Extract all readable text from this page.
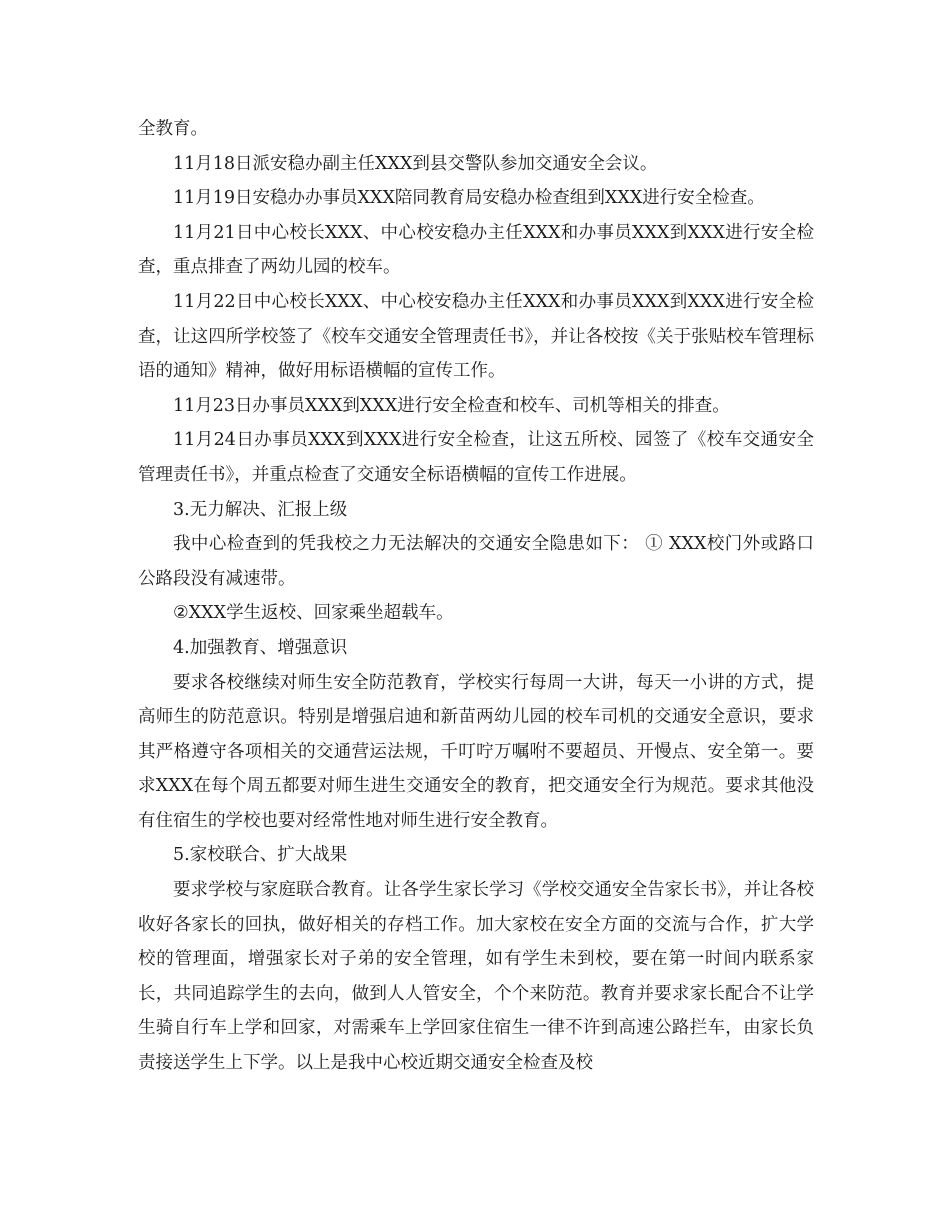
全教育。

11月18日派安稳办副主任XXX到县交警队参加交通安全会议。

11月19日安稳办办事员XXX陪同教育局安稳办检查组到XXX进行安全检查。

11月21日中心校长XXX、中心校安稳办主任XXX和办事员XXX到XXX进行安全检查，重点排查了两幼儿园的校车。

11月22日中心校长XXX、中心校安稳办主任XXX和办事员XXX到XXX进行安全检查，让这四所学校签了《校车交通安全管理责任书》，并让各校按《关于张贴校车管理标语的通知》精神，做好用标语横幅的宣传工作。

11月23日办事员XXX到XXX进行安全检查和校车、司机等相关的排查。

11月24日办事员XXX到XXX进行安全检查，让这五所校、园签了《校车交通安全管理责任书》，并重点检查了交通安全标语横幅的宣传工作进展。

3.无力解决、汇报上级

我中心检查到的凭我校之力无法解决的交通安全隐患如下： ① XXX校门外或路口公路段没有减速带。

②XXX学生返校、回家乘坐超载车。

4.加强教育、增强意识

要求各校继续对师生安全防范教育，学校实行每周一大讲，每天一小讲的方式，提高师生的防范意识。特别是增强启迪和新苗两幼儿园的校车司机的交通安全意识，要求其严格遵守各项相关的交通营运法规，千叮咛万嘱咐不要超员、开慢点、安全第一。要求XXX在每个周五都要对师生进生交通安全的教育，把交通安全行为规范。要求其他没有住宿生的学校也要对经常性地对师生进行安全教育。

5.家校联合、扩大战果

要求学校与家庭联合教育。让各学生家长学习《学校交通安全告家长书》，并让各校收好各家长的回执，做好相关的存档工作。加大家校在安全方面的交流与合作，扩大学校的管理面，增强家长对子弟的安全管理，如有学生未到校，要在第一时间内联系家长，共同追踪学生的去向，做到人人管安全，个个来防范。教育并要求家长配合不让学生骑自行车上学和回家，对需乘车上学回家住宿生一律不许到高速公路拦车，由家长负责接送学生上下学。以上是我中心校近期交通安全检查及校
